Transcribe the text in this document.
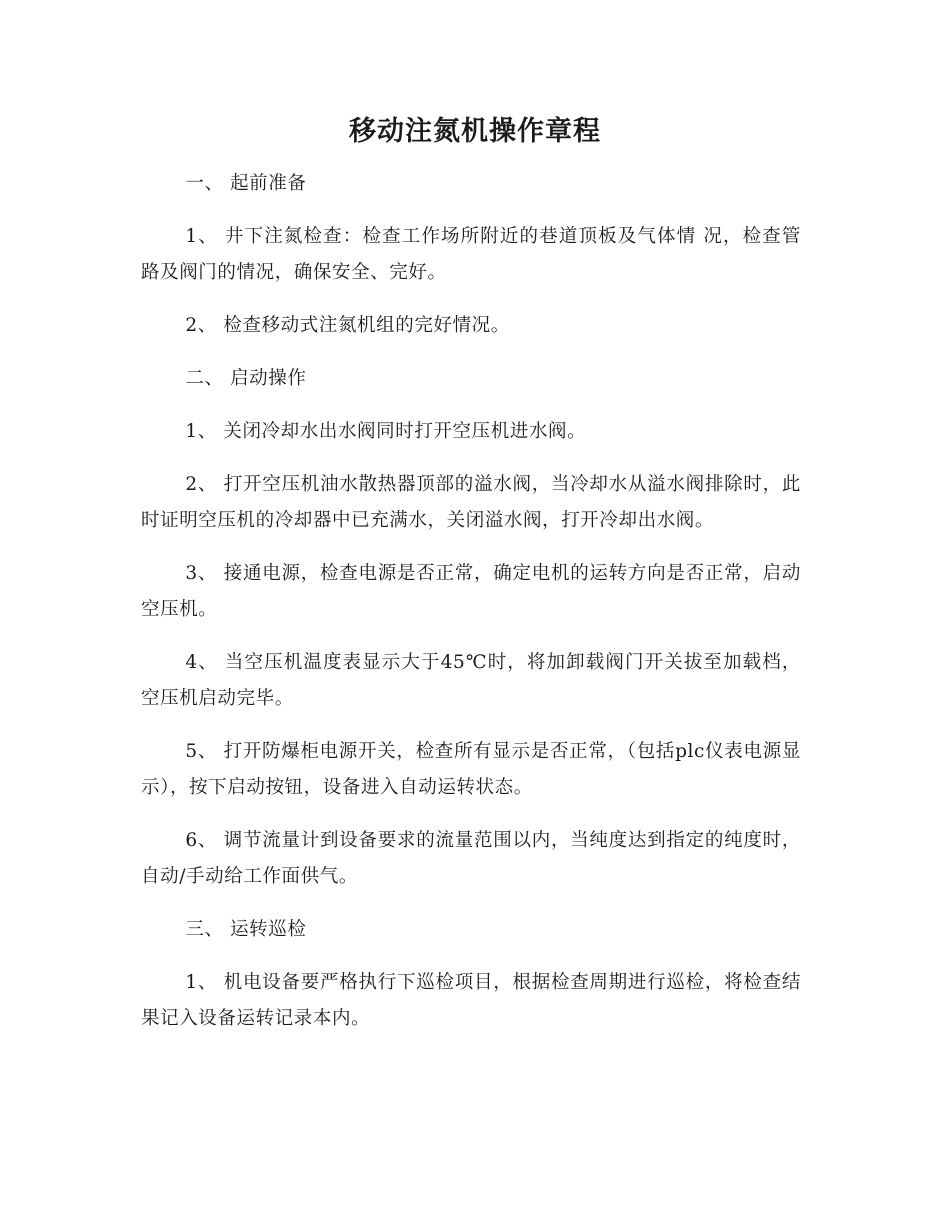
移动注氮机操作章程

一、 起前准备

1、 井下注氮检查：检查工作场所附近的巷道顶板及气体情 况，检查管路及阀门的情况，确保安全、完好。

2、 检查移动式注氮机组的完好情况。

二、 启动操作

1、 关闭冷却水出水阀同时打开空压机进水阀。

2、 打开空压机油水散热器顶部的溢水阀，当冷却水从溢水阀排除时，此时证明空压机的冷却器中已充满水，关闭溢水阀，打开冷却出水阀。

3、 接通电源，检查电源是否正常，确定电机的运转方向是否正常，启动空压机。

4、 当空压机温度表显示大于45℃时，将加卸载阀门开关拔至加载档，空压机启动完毕。

5、 打开防爆柜电源开关，检查所有显示是否正常，（包括plc仪表电源显示），按下启动按钮，设备进入自动运转状态。

6、 调节流量计到设备要求的流量范围以内，当纯度达到指定的纯度时，自动/手动给工作面供气。

三、 运转巡检

1、 机电设备要严格执行下巡检项目，根据检查周期进行巡检，将检查结果记入设备运转记录本内。
